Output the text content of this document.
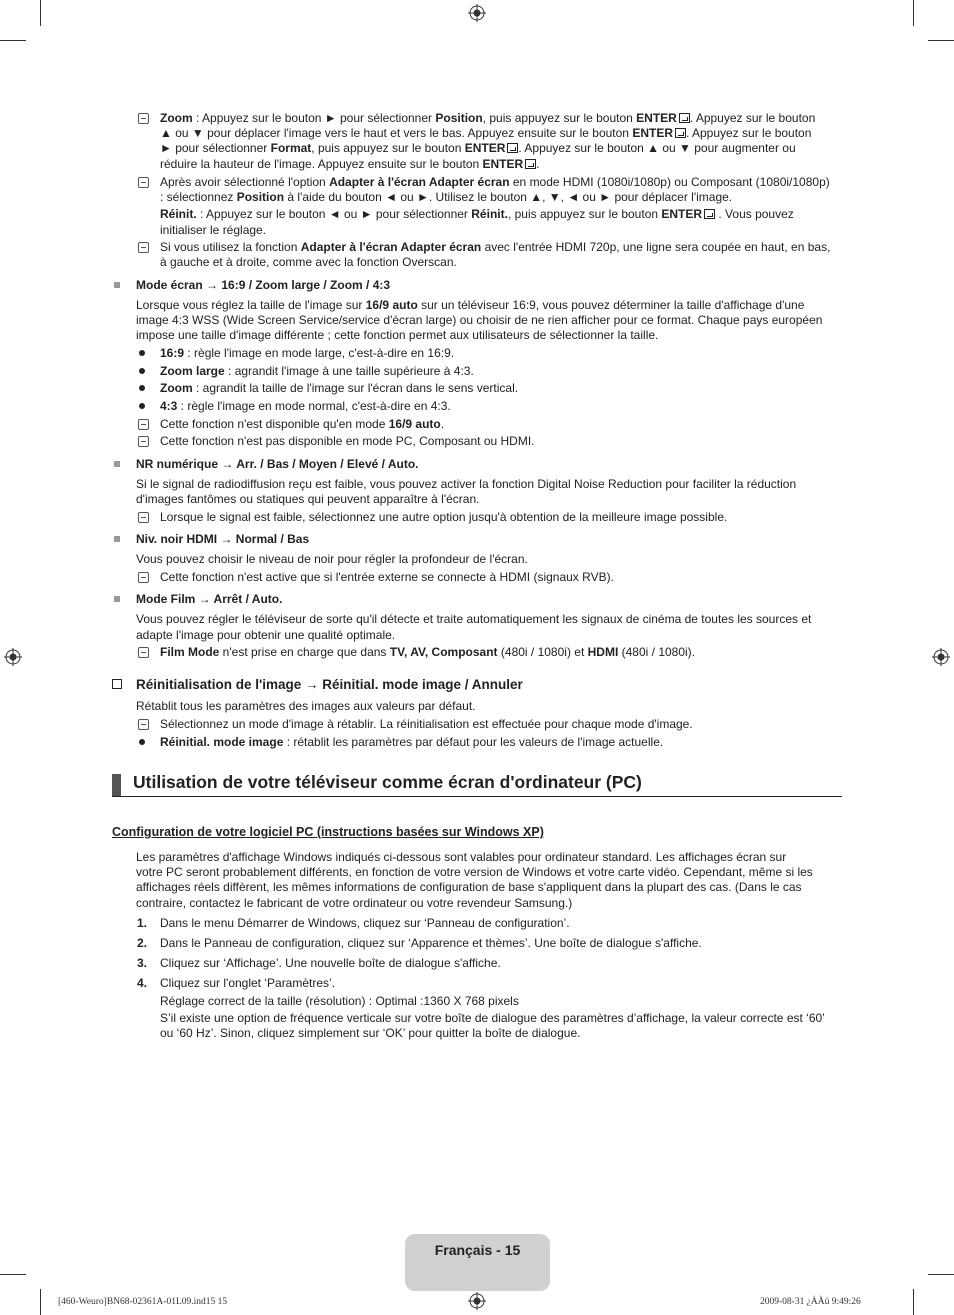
Zoom : Appuyez sur le bouton ► pour sélectionner Position, puis appuyez sur le bouton ENTER . Appuyez sur le bouton
▲ ou ▼ pour déplacer l'image vers le haut et vers le bas. Appuyez ensuite sur le bouton ENTER . Appuyez sur le bouton
► pour sélectionner Format, puis appuyez sur le bouton ENTER . Appuyez sur le bouton ▲ ou ▼ pour augmenter ou
réduire la hauteur de l'image. Appuyez ensuite sur le bouton ENTER .
Après avoir sélectionné l'option Adapter à l'écran Adapter écran en mode HDMI (1080i/1080p) ou Composant (1080i/1080p)
: sélectionnez Position à l'aide du bouton ◄ ou ►. Utilisez le bouton ▲, ▼, ◄ ou ► pour déplacer l'image.
Réinit. : Appuyez sur le bouton ◄ ou ► pour sélectionner Réinit., puis appuyez sur le bouton ENTER . Vous pouvez
initialiser le réglage.
Si vous utilisez la fonction Adapter à l'écran Adapter écran avec l'entrée HDMI 720p, une ligne sera coupée en haut, en bas,
à gauche et à droite, comme avec la fonction Overscan.
Mode écran → 16:9 / Zoom large / Zoom / 4:3
Lorsque vous réglez la taille de l'image sur 16/9 auto sur un téléviseur 16:9, vous pouvez déterminer la taille d'affichage d'une
image 4:3 WSS (Wide Screen Service/service d'écran large) ou choisir de ne rien afficher pour ce format. Chaque pays européen
impose une taille d'image différente ; cette fonction permet aux utilisateurs de sélectionner la taille.
16:9 : règle l'image en mode large, c'est-à-dire en 16:9.
Zoom large : agrandit l'image à une taille supérieure à 4:3.
Zoom : agrandit la taille de l'image sur l'écran dans le sens vertical.
4:3 : règle l'image en mode normal, c'est-à-dire en 4:3.
Cette fonction n'est disponible qu'en mode 16/9 auto.
Cette fonction n'est pas disponible en mode PC, Composant ou HDMI.
NR numérique → Arr. / Bas / Moyen / Elevé / Auto.
Si le signal de radiodiffusion reçu est faible, vous pouvez activer la fonction Digital Noise Reduction pour faciliter la réduction
d'images fantômes ou statiques qui peuvent apparaître à l'écran.
Lorsque le signal est faible, sélectionnez une autre option jusqu'à obtention de la meilleure image possible.
Niv. noir HDMI → Normal / Bas
Vous pouvez choisir le niveau de noir pour régler la profondeur de l'écran.
Cette fonction n'est active que si l'entrée externe se connecte à HDMI (signaux RVB).
Mode Film → Arrêt / Auto.
Vous pouvez régler le téléviseur de sorte qu'il détecte et traite automatiquement les signaux de cinéma de toutes les sources et
adapte l'image pour obtenir une qualité optimale.
Film Mode n'est prise en charge que dans TV, AV, Composant (480i / 1080i) et HDMI (480i / 1080i).
Réinitialisation de l'image → Réinitial. mode image / Annuler
Rétablit tous les paramètres des images aux valeurs par défaut.
Sélectionnez un mode d'image à rétablir. La réinitialisation est effectuée pour chaque mode d'image.
Réinitial. mode image : rétablit les paramètres par défaut pour les valeurs de l'image actuelle.
Utilisation de votre téléviseur comme écran d'ordinateur (PC)
Configuration de votre logiciel PC (instructions basées sur Windows XP)
Les paramètres d'affichage Windows indiqués ci-dessous sont valables pour ordinateur standard. Les affichages écran sur
votre PC seront probablement différents, en fonction de votre version de Windows et votre carte vidéo. Cependant, même si les
affichages réels diffèrent, les mêmes informations de configuration de base s'appliquent dans la plupart des cas. (Dans le cas
contraire, contactez le fabricant de votre ordinateur ou votre revendeur Samsung.)
1. Dans le menu Démarrer de Windows, cliquez sur ‘Panneau de configuration’.
2. Dans le Panneau de configuration, cliquez sur ‘Apparence et thèmes’. Une boîte de dialogue s'affiche.
3. Cliquez sur ‘Affichage’. Une nouvelle boîte de dialogue s'affiche.
4. Cliquez sur l'onglet ‘Paramètres’.
Réglage correct de la taille (résolution) : Optimal :1360 X 768 pixels
S’il existe une option de fréquence verticale sur votre boîte de dialogue des paramètres d’affichage, la valeur correcte est ‘60’
ou ‘60 Hz’. Sinon, cliquez simplement sur ‘OK’ pour quitter la boîte de dialogue.
Français - 15
[460-Weuro]BN68-02361A-01L09.ind15 15	2009-08-31 ¿ÀÀü 9:49:26
